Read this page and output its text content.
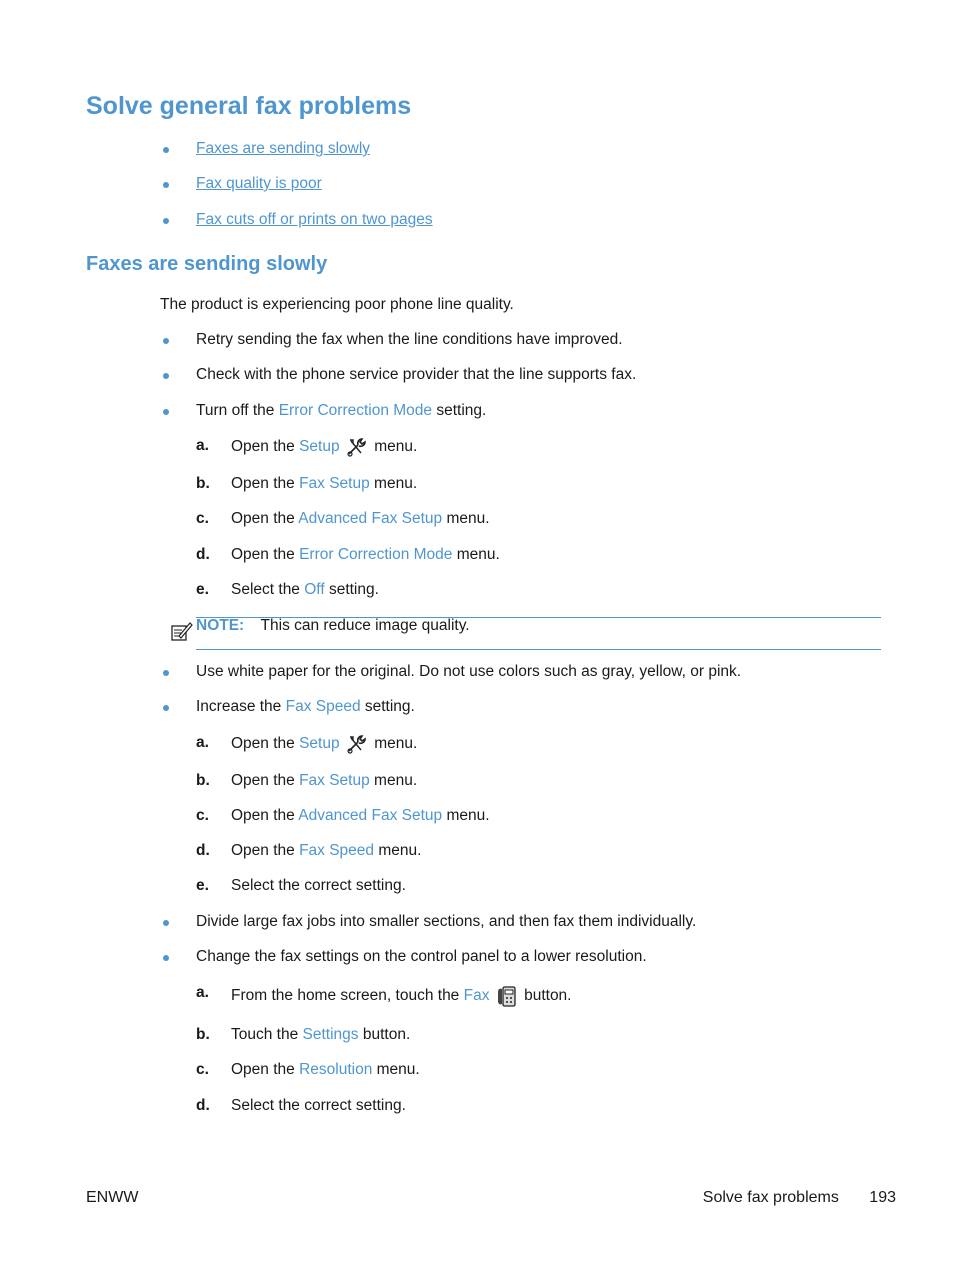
Solve general fax problems
Faxes are sending slowly
Fax quality is poor
Fax cuts off or prints on two pages
Faxes are sending slowly
The product is experiencing poor phone line quality.
Retry sending the fax when the line conditions have improved.
Check with the phone service provider that the line supports fax.
Turn off the Error Correction Mode setting.
a. Open the Setup  menu.
b. Open the Fax Setup menu.
c. Open the Advanced Fax Setup menu.
d. Open the Error Correction Mode menu.
e. Select the Off setting.
NOTE: This can reduce image quality.
Use white paper for the original. Do not use colors such as gray, yellow, or pink.
Increase the Fax Speed setting.
a. Open the Setup  menu.
b. Open the Fax Setup menu.
c. Open the Advanced Fax Setup menu.
d. Open the Fax Speed menu.
e. Select the correct setting.
Divide large fax jobs into smaller sections, and then fax them individually.
Change the fax settings on the control panel to a lower resolution.
a. From the home screen, touch the Fax  button.
b. Touch the Settings button.
c. Open the Resolution menu.
d. Select the correct setting.
ENWW	Solve fax problems 193
